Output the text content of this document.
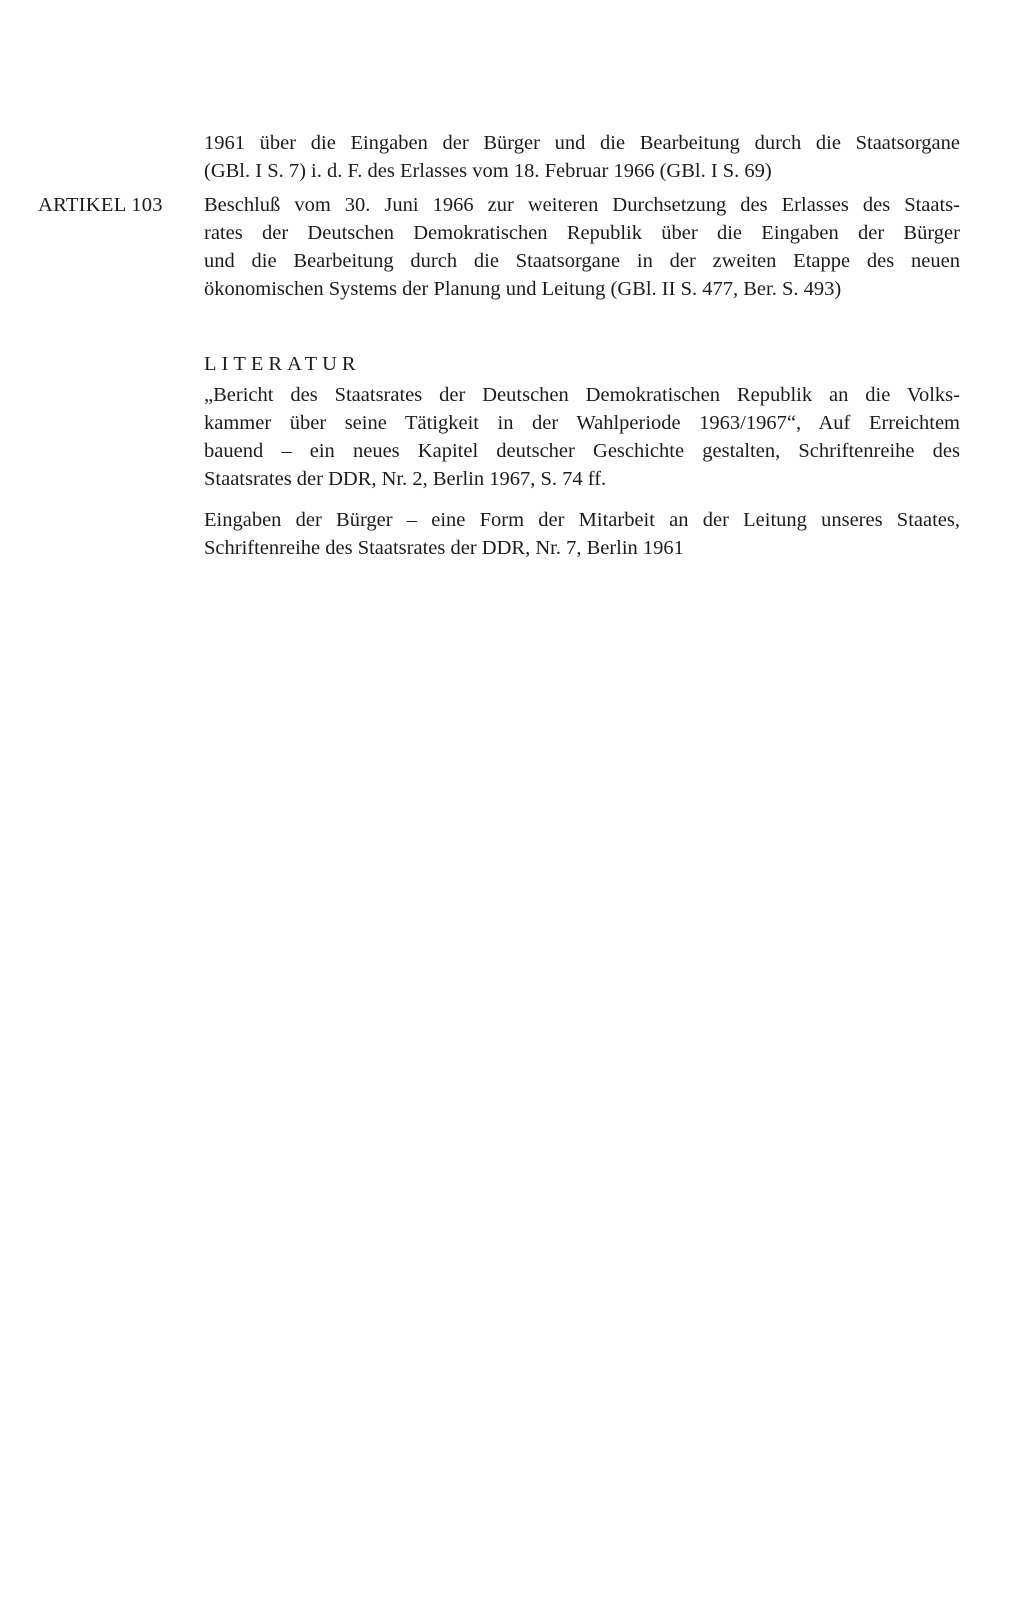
1961 über die Eingaben der Bürger und die Bearbeitung durch die Staatsorgane
(GBl. I S. 7) i. d. F. des Erlasses vom 18. Februar 1966 (GBl. I S. 69)
ARTIKEL 103 Beschluß vom 30. Juni 1966 zur weiteren Durchsetzung des Erlasses des Staats-
rates der Deutschen Demokratischen Republik über die Eingaben der Bürger
und die Bearbeitung durch die Staatsorgane in der zweiten Etappe des neuen
ökonomischen Systems der Planung und Leitung (GBl. II S. 477, Ber. S. 493)
LITERATUR
„Bericht des Staatsrates der Deutschen Demokratischen Republik an die Volks-
kammer über seine Tätigkeit in der Wahlperiode 1963/1967“, Auf Erreichtem
bauend – ein neues Kapitel deutscher Geschichte gestalten, Schriftenreihe des
Staatsrates der DDR, Nr. 2, Berlin 1967, S. 74 ff.
Eingaben der Bürger – eine Form der Mitarbeit an der Leitung unseres Staates,
Schriftenreihe des Staatsrates der DDR, Nr. 7, Berlin 1961
